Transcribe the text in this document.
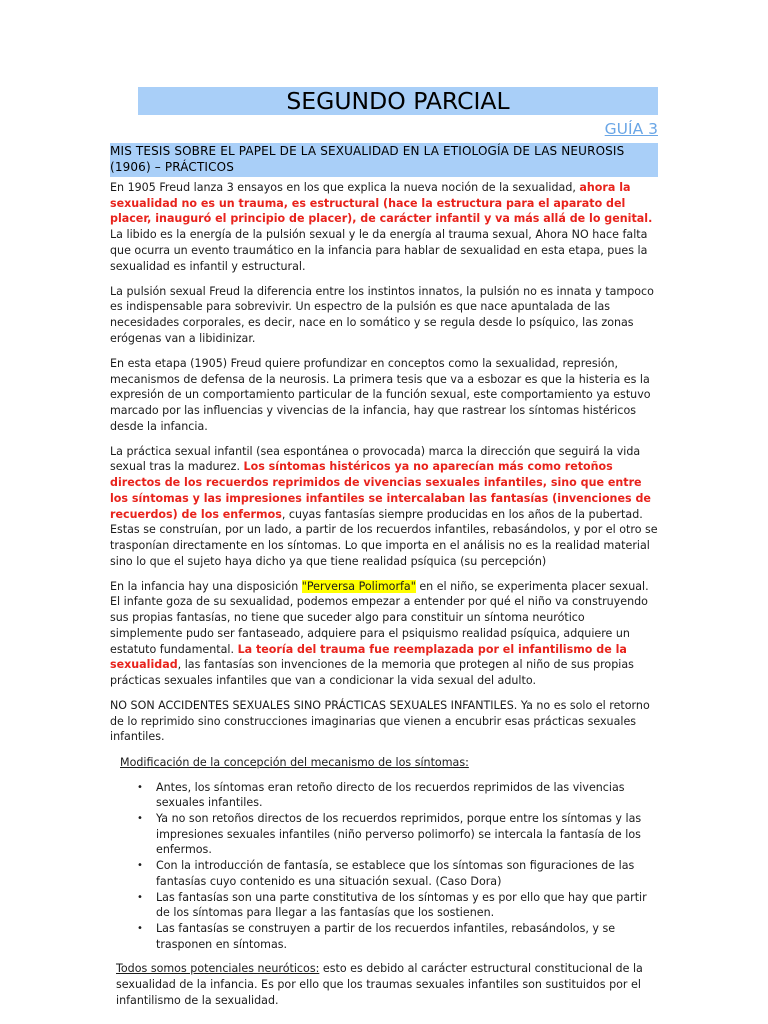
SEGUNDO PARCIAL
GUÍA 3
MIS TESIS SOBRE EL PAPEL DE LA SEXUALIDAD EN LA ETIOLOGÍA DE LAS NEUROSIS (1906) – PRÁCTICOS

En 1905 Freud lanza 3 ensayos en los que explica la nueva noción de la sexualidad, ahora la sexualidad no es un trauma, es estructural (hace la estructura para el aparato del placer, inauguró el principio de placer), de carácter infantil y va más allá de lo genital. La libido es la energía de la pulsión sexual y le da energía al trauma sexual, Ahora NO hace falta que ocurra un evento traumático en la infancia para hablar de sexualidad en esta etapa, pues la sexualidad es infantil y estructural.

La pulsión sexual Freud la diferencia entre los instintos innatos, la pulsión no es innata y tampoco es indispensable para sobrevivir. Un espectro de la pulsión es que nace apuntalada de las necesidades corporales, es decir, nace en lo somático y se regula desde lo psíquico, las zonas erógenas van a libidinizar.

En esta etapa (1905) Freud quiere profundizar en conceptos como la sexualidad, represión, mecanismos de defensa de la neurosis. La primera tesis que va a esbozar es que la histeria es la expresión de un comportamiento particular de la función sexual, este comportamiento ya estuvo marcado por las influencias y vivencias de la infancia, hay que rastrear los síntomas histéricos desde la infancia.

La práctica sexual infantil (sea espontánea o provocada) marca la dirección que seguirá la vida sexual tras la madurez. Los síntomas histéricos ya no aparecían más como retoños directos de los recuerdos reprimidos de vivencias sexuales infantiles, sino que entre los síntomas y las impresiones infantiles se intercalaban las fantasías (invenciones de recuerdos) de los enfermos, cuyas fantasías siempre producidas en los años de la pubertad. Estas se construían, por un lado, a partir de los recuerdos infantiles, rebasándolos, y por el otro se trasponían directamente en los síntomas. Lo que importa en el análisis no es la realidad material sino lo que el sujeto haya dicho ya que tiene realidad psíquica (su percepción)

En la infancia hay una disposición "Perversa Polimorfa" en el niño, se experimenta placer sexual. El infante goza de su sexualidad, podemos empezar a entender por qué el niño va construyendo sus propias fantasías, no tiene que suceder algo para constituir un síntoma neurótico simplemente pudo ser fantaseado, adquiere para el psiquismo realidad psíquica, adquiere un estatuto fundamental. La teoría del trauma fue reemplazada por el infantilismo de la sexualidad, las fantasías son invenciones de la memoria que protegen al niño de sus propias prácticas sexuales infantiles que van a condicionar la vida sexual del adulto.

NO SON ACCIDENTES SEXUALES SINO PRÁCTICAS SEXUALES INFANTILES. Ya no es solo el retorno de lo reprimido sino construcciones imaginarias que vienen a encubrir esas prácticas sexuales infantiles.

Modificación de la concepción del mecanismo de los síntomas:

• Antes, los síntomas eran retoño directo de los recuerdos reprimidos de las vivencias sexuales infantiles.
• Ya no son retoños directos de los recuerdos reprimidos, porque entre los síntomas y las impresiones sexuales infantiles (niño perverso polimorfo) se intercala la fantasía de los enfermos.
• Con la introducción de fantasía, se establece que los síntomas son figuraciones de las fantasías cuyo contenido es una situación sexual. (Caso Dora)
• Las fantasías son una parte constitutiva de los síntomas y es por ello que hay que partir de los síntomas para llegar a las fantasías que los sostienen.
• Las fantasías se construyen a partir de los recuerdos infantiles, rebasándolos, y se trasponen en síntomas.

Todos somos potenciales neuróticos: esto es debido al carácter estructural constitucional de la sexualidad de la infancia. Es por ello que los traumas sexuales infantiles son sustituidos por el infantilismo de la sexualidad.
